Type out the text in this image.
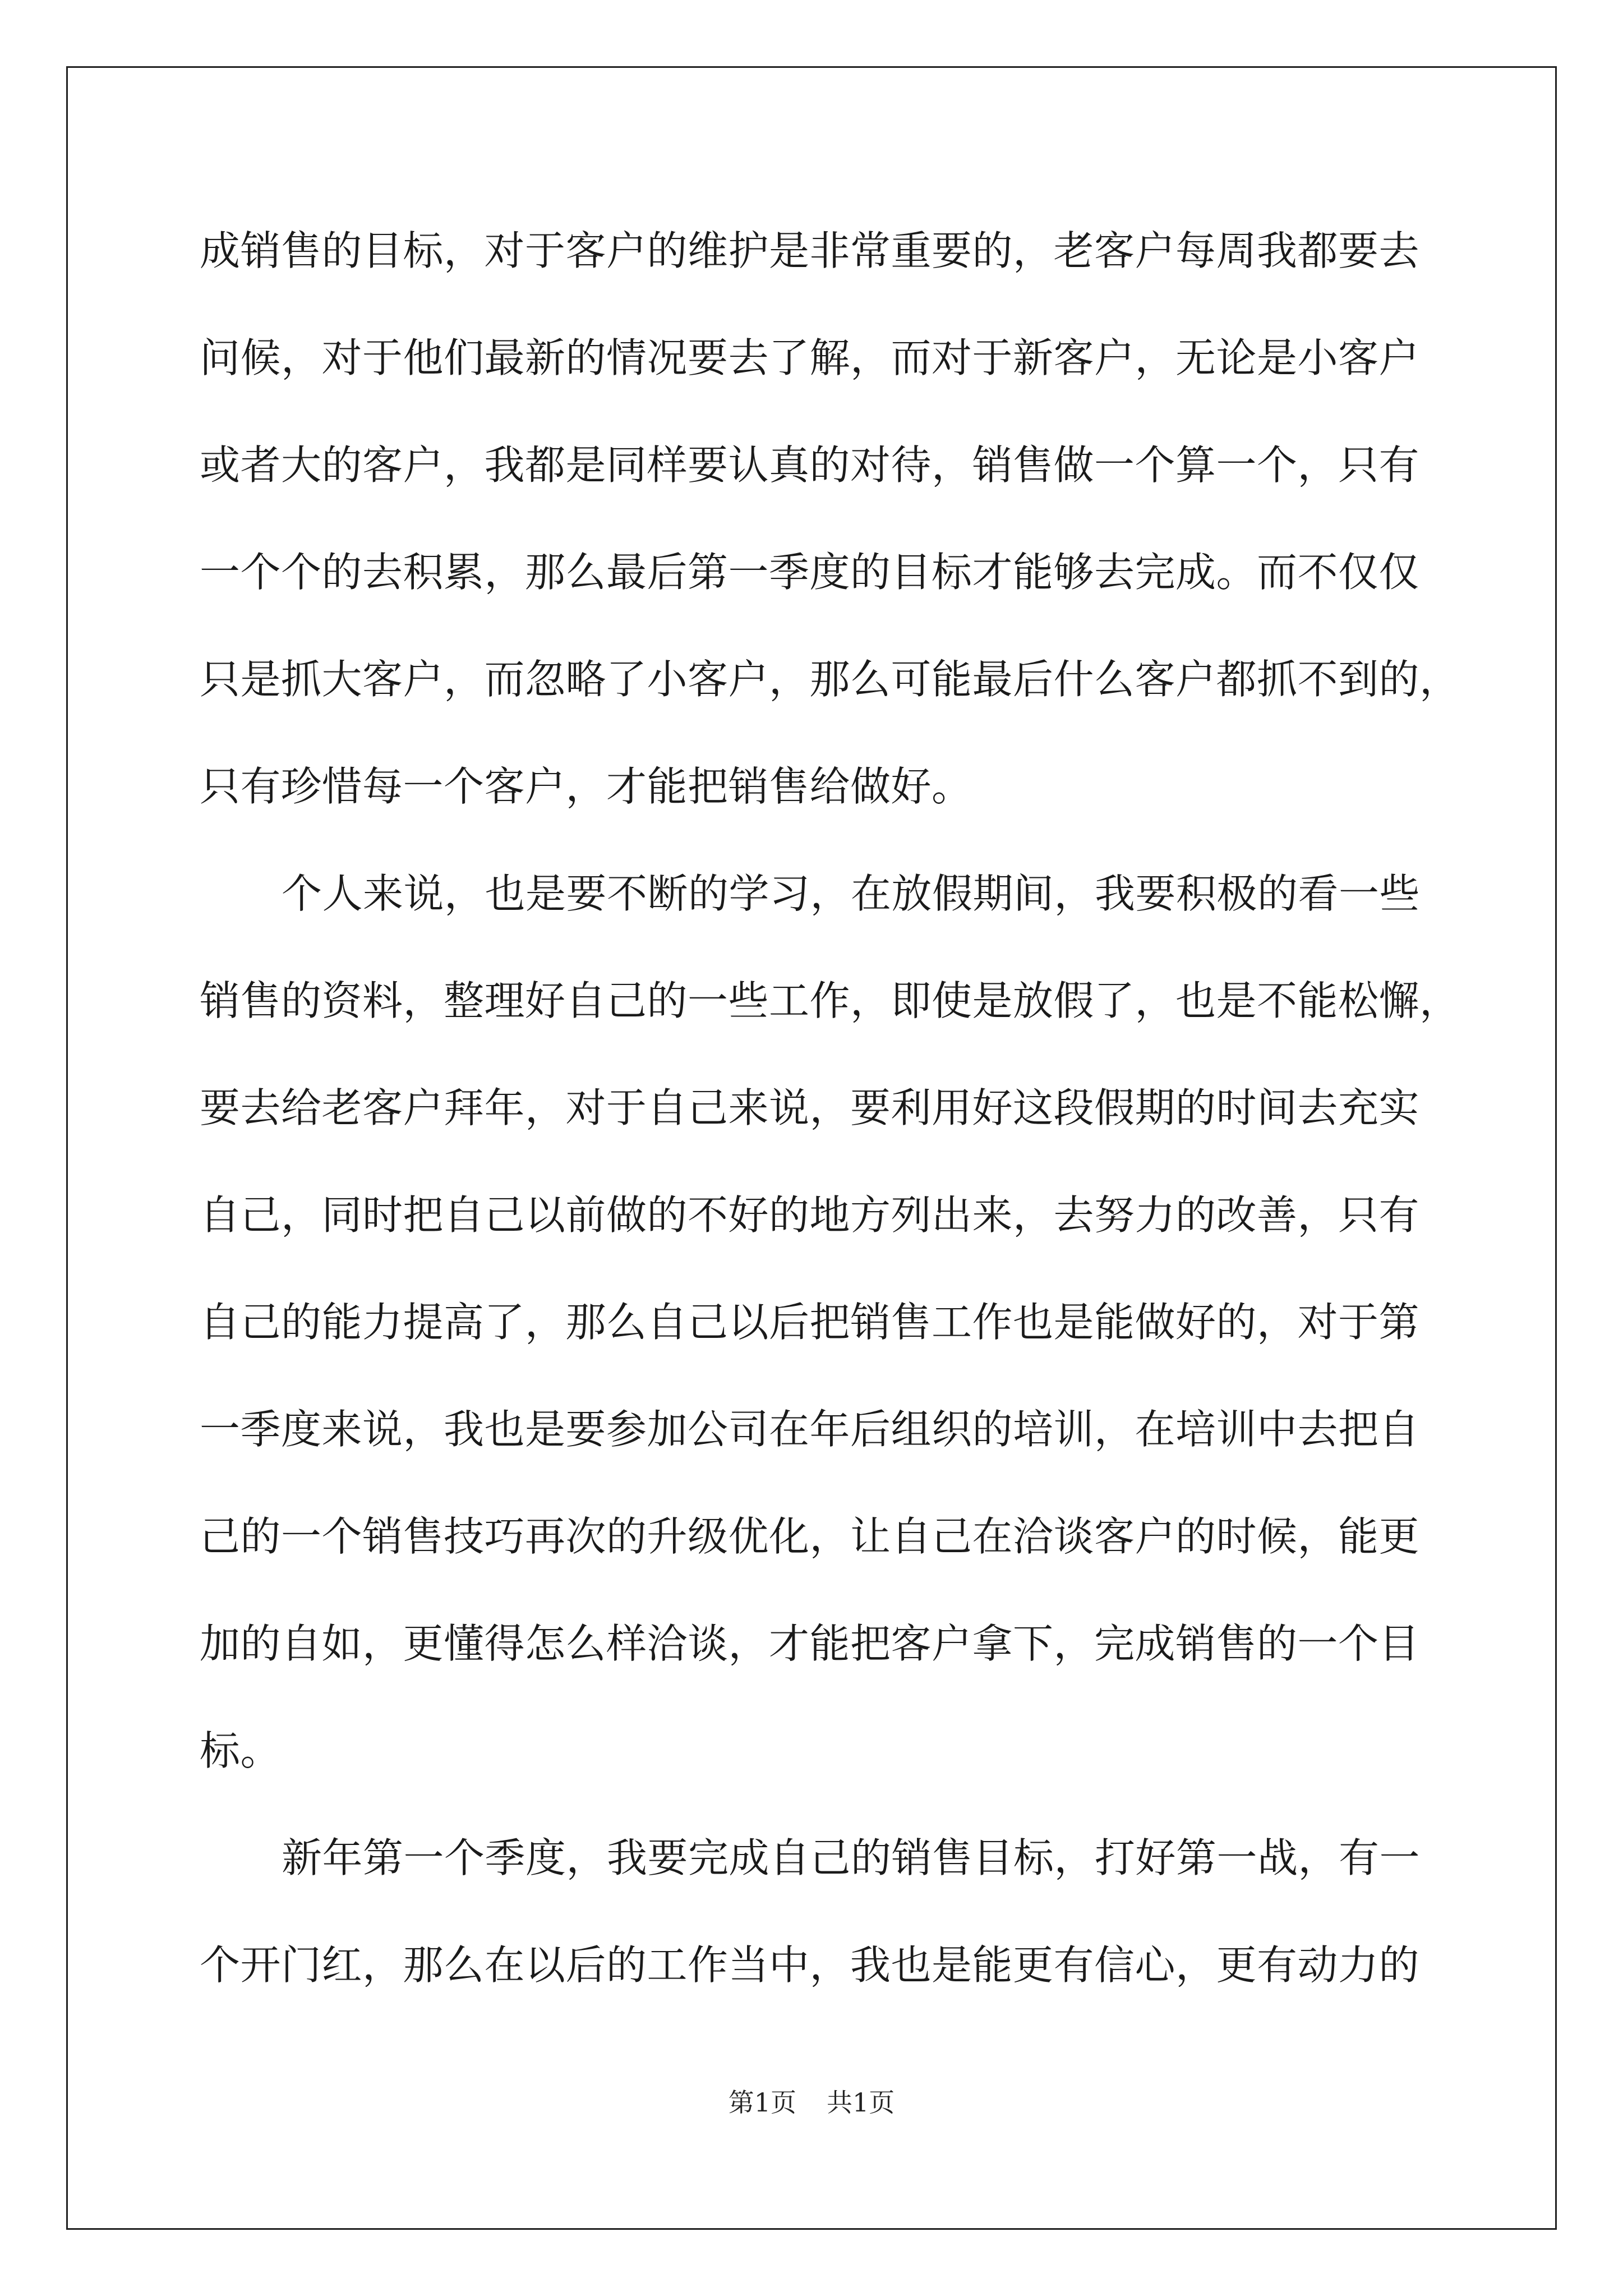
成销售的目标，对于客户的维护是非常重要的，老客户每周我都要去
问候，对于他们最新的情况要去了解，而对于新客户，无论是小客户
或者大的客户，我都是同样要认真的对待，销售做一个算一个，只有
一个个的去积累，那么最后第一季度的目标才能够去完成。而不仅仅
只是抓大客户，而忽略了小客户，那么可能最后什么客户都抓不到的，
只有珍惜每一个客户，才能把销售给做好。
个人来说，也是要不断的学习，在放假期间，我要积极的看一些
销售的资料，整理好自己的一些工作，即使是放假了，也是不能松懈，
要去给老客户拜年，对于自己来说，要利用好这段假期的时间去充实
自己，同时把自己以前做的不好的地方列出来，去努力的改善，只有
自己的能力提高了，那么自己以后把销售工作也是能做好的，对于第
一季度来说，我也是要参加公司在年后组织的培训，在培训中去把自
己的一个销售技巧再次的升级优化，让自己在洽谈客户的时候，能更
加的自如，更懂得怎么样洽谈，才能把客户拿下，完成销售的一个目
标。
新年第一个季度，我要完成自己的销售目标，打好第一战，有一
个开门红，那么在以后的工作当中，我也是能更有信心，更有动力的
第1页 共1页
